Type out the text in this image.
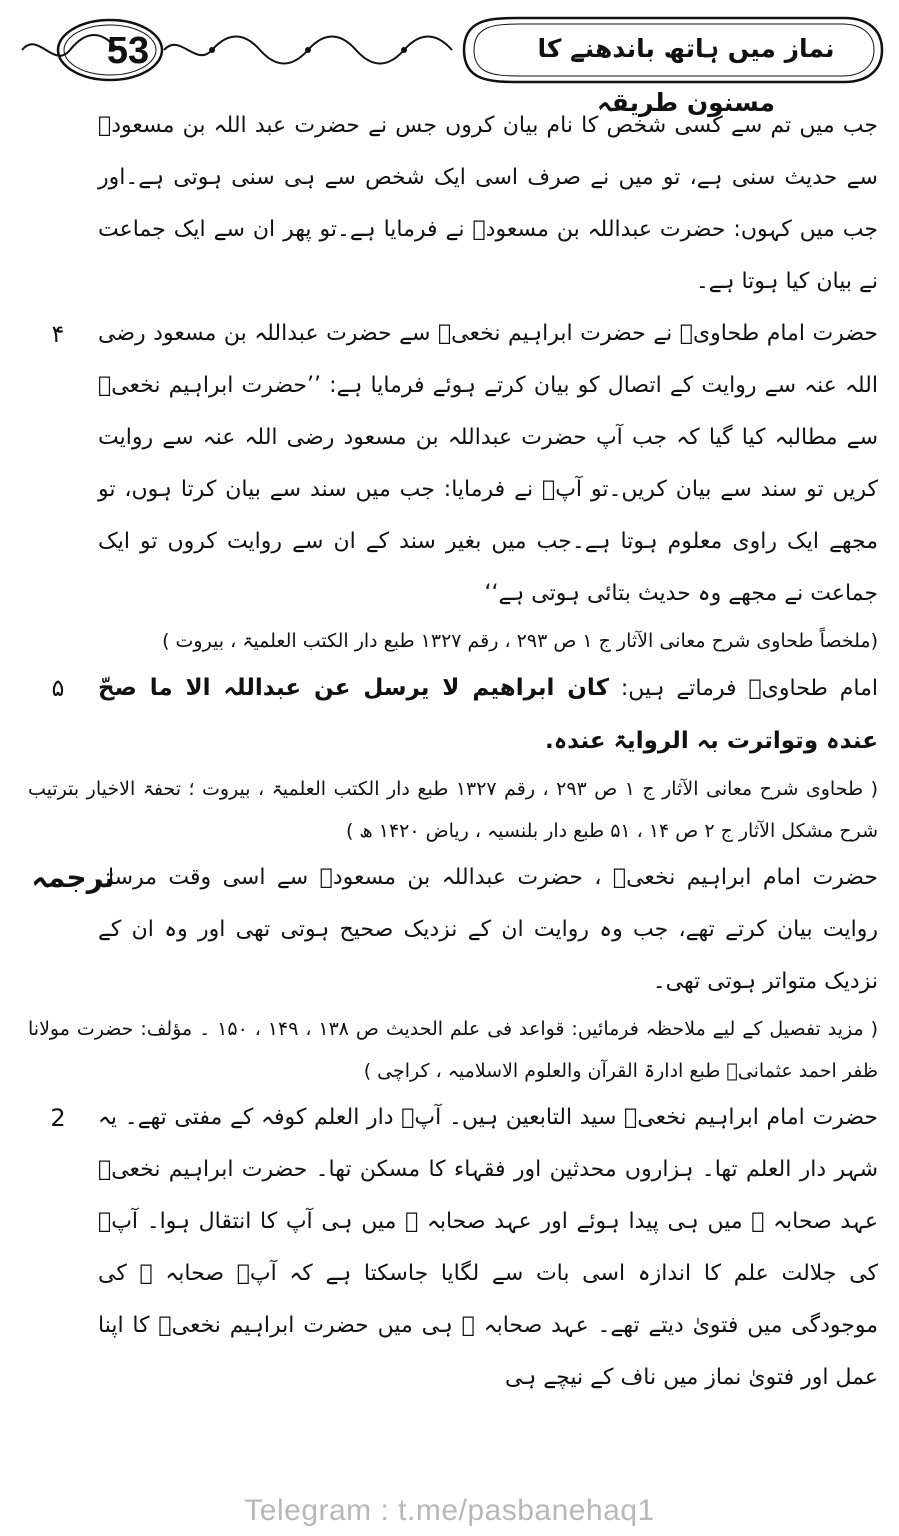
53	نماز میں ہاتھ باندھنے کا مسنون طریقہ

جب میں تم سے کسی شخص کا نام بیان کروں جس نے حضرت عبد اللہ بن مسعودؓ سے حدیث سنی ہے، تو میں نے صرف اسی ایک شخص سے ہی سنی ہوتی ہے۔اور جب میں کہوں: حضرت عبداللہ بن مسعودؓ نے فرمایا ہے۔تو پھر ان سے ایک جماعت نے بیان کیا ہوتا ہے۔

۴	حضرت امام طحاویؒ نے حضرت ابراہیم نخعیؒ سے حضرت عبداللہ بن مسعود رضی اللہ عنہ سے روایت کے اتصال کو بیان کرتے ہوئے فرمایا ہے: ’’حضرت ابراہیم نخعیؒ سے مطالبہ کیا گیا کہ جب آپ حضرت عبداللہ بن مسعود رضی اللہ عنہ سے روایت کریں تو سند سے بیان کریں۔تو آپؒ نے فرمایا: جب میں سند سے بیان کرتا ہوں، تو مجھے ایک راوی معلوم ہوتا ہے۔جب میں بغیر سند کے ان سے روایت کروں تو ایک جماعت نے مجھے وہ حدیث بتائی ہوتی ہے‘‘

(ملخصاً طحاوی شرح معانی الآثار ج ۱ ص ۲۹۳ ، رقم ۱۳۲۷ طبع دار الکتب العلمیۃ ، بیروت )

۵	امام طحاویؒ فرماتے ہیں: کان ابراھیم لا یرسل عن عبداللہ الا ما صحّ عندہ وتواترت بہ الروایۃ عندہ.

( طحاوی شرح معانی الآثار ج ۱ ص ۲۹۳ ، رقم ۱۳۲۷ طبع دار الکتب العلمیۃ ، بیروت ؛ تحفۃ الاخیار بترتیب شرح مشکل الآثار ج ۲ ص ۱۴ ، ۵۱ طبع دار بلنسیہ ، ریاض ۱۴۲۰ ھ )

ترجمہ

حضرت امام ابراہیم نخعیؒ ، حضرت عبداللہ بن مسعودؓ سے اسی وقت مرسل روایت بیان کرتے تھے، جب وہ روایت ان کے نزدیک صحیح ہوتی تھی اور وہ ان کے نزدیک متواتر ہوتی تھی۔

( مزید تفصیل کے لیے ملاحظہ فرمائیں: قواعد فی علم الحدیث ص ۱۳۸ ، ۱۴۹ ، ۱۵۰ ۔ مؤلف: حضرت مولانا ظفر احمد عثمانیؒ طبع ادارۃ القرآن والعلوم الاسلامیہ ، کراچی )

2	حضرت امام ابراہیم نخعیؒ سید التابعین ہیں۔ آپؒ دار العلم کوفہ کے مفتی تھے۔ یہ شہر دار العلم تھا۔ ہزاروں محدثین اور فقہاء کا مسکن تھا۔ حضرت ابراہیم نخعیؒ عہد صحابہ ؓ میں ہی پیدا ہوئے اور عہد صحابہ ؓ میں ہی آپ کا انتقال ہوا۔ آپؒ کی جلالت علم کا اندازہ اسی بات سے لگایا جاسکتا ہے کہ آپؒ صحابہ ؓ کی موجودگی میں فتویٰ دیتے تھے۔ عہد صحابہ ؓ ہی میں حضرت ابراہیم نخعیؒ کا اپنا عمل اور فتویٰ نماز میں ناف کے نیچے ہی

Telegram : t.me/pasbanehaq1
